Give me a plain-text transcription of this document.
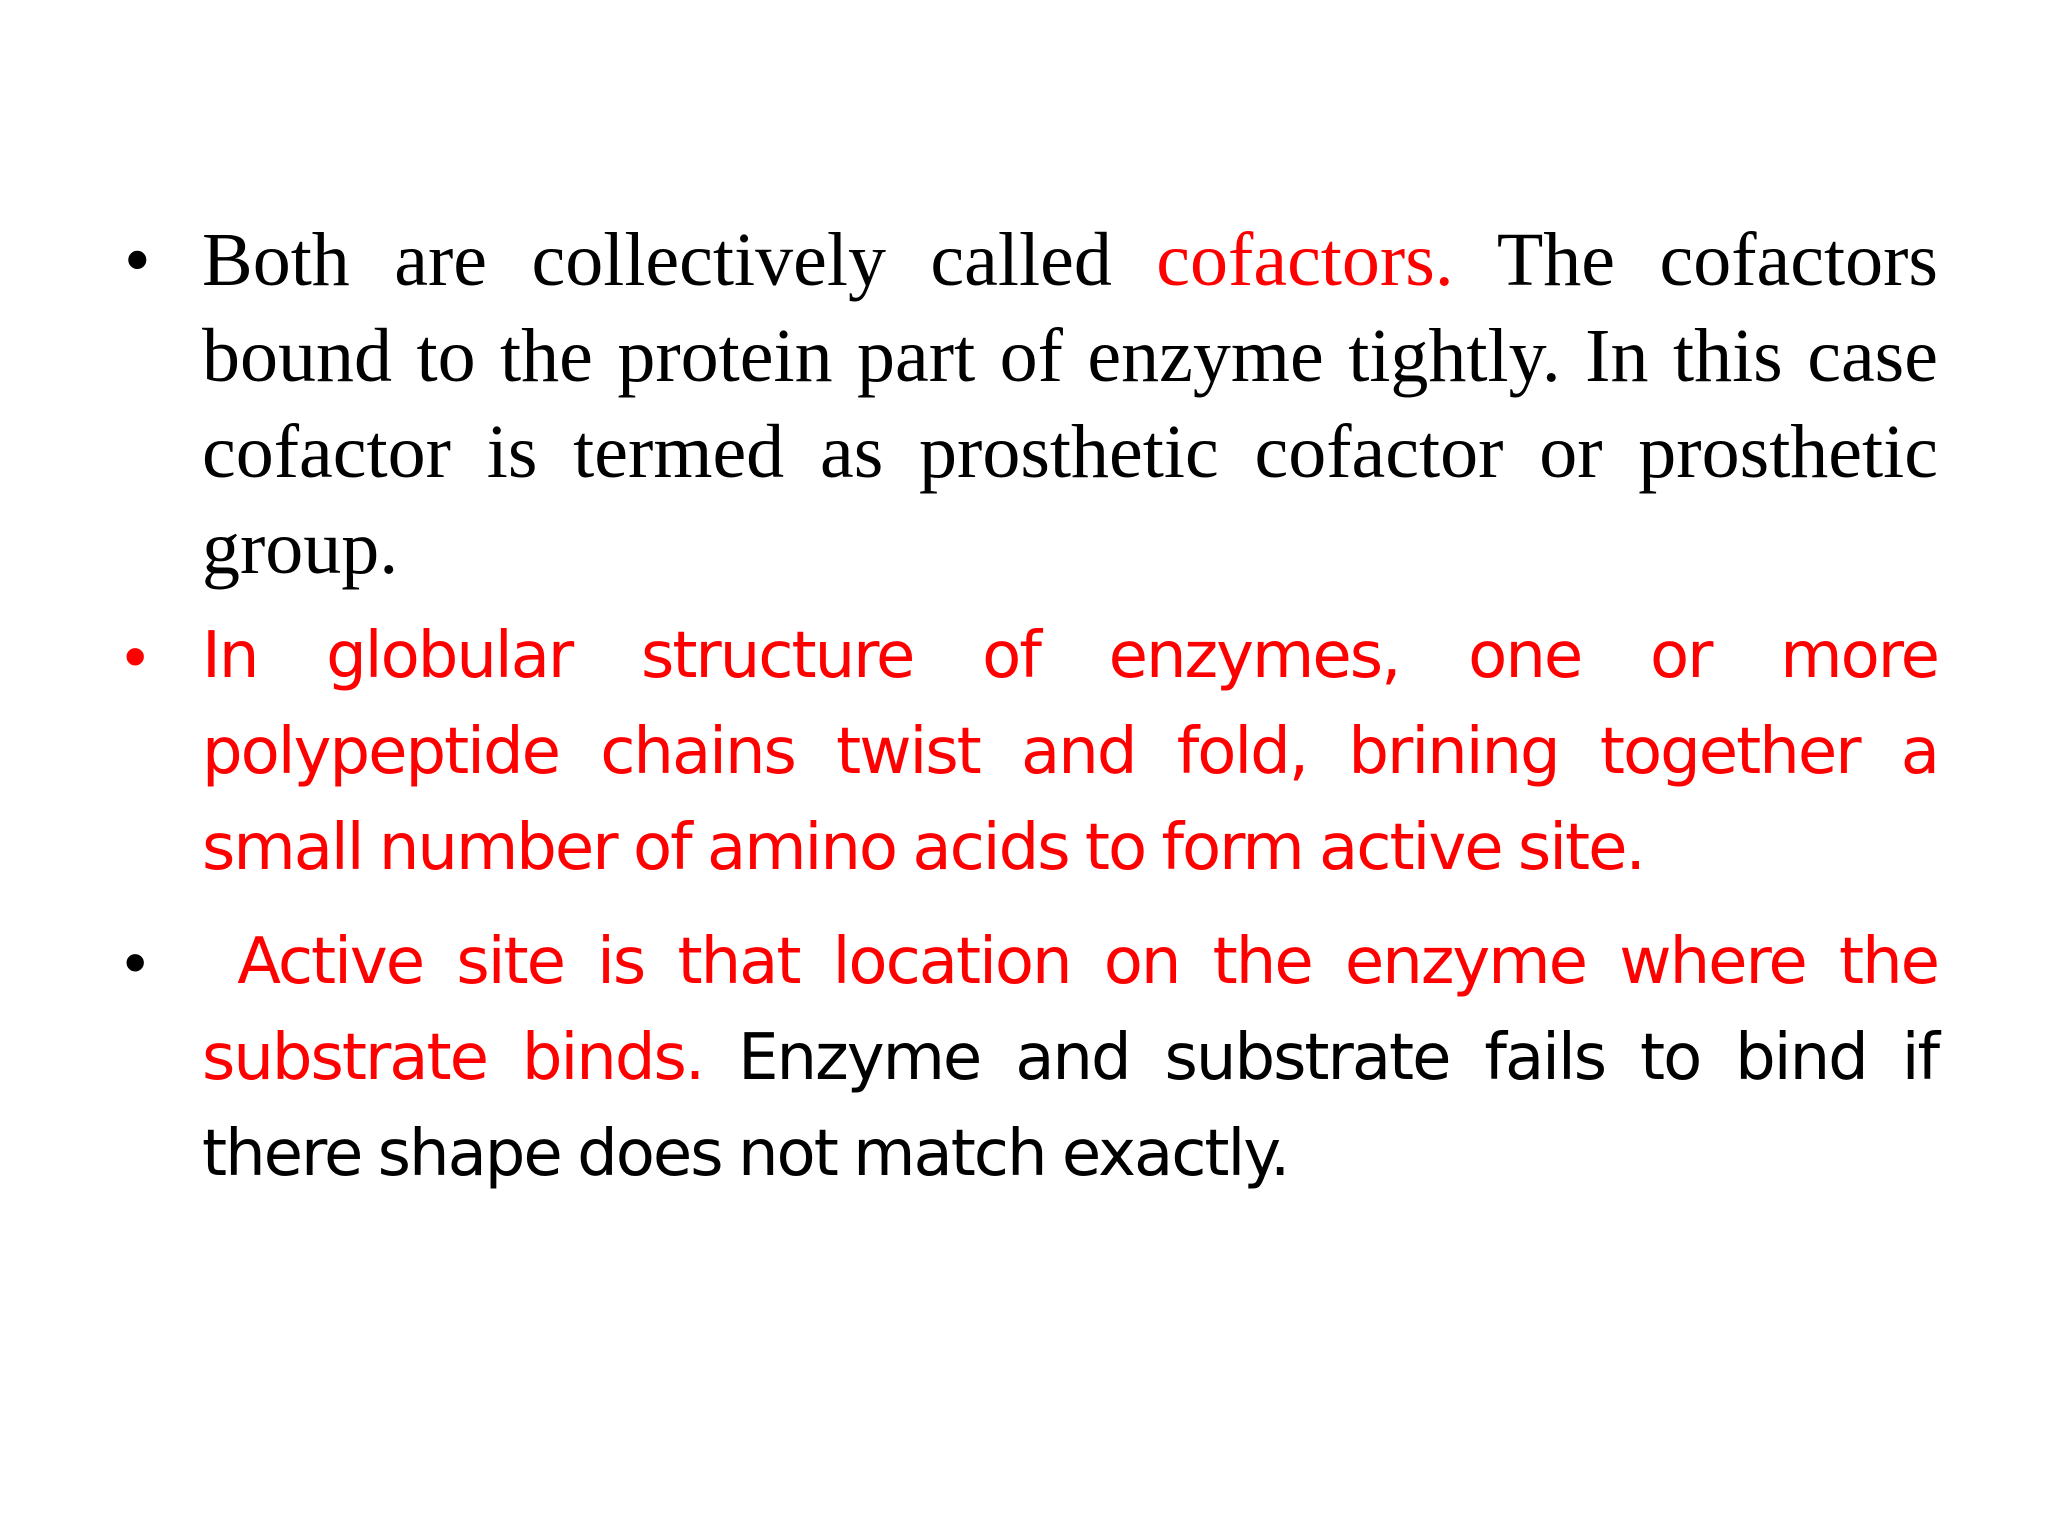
• Both are collectively called cofactors. The cofactors bound to the protein part of enzyme tightly. In this case cofactor is termed as prosthetic cofactor or prosthetic group.
• In globular structure of enzymes, one or more polypeptide chains twist and fold, brining together a small number of amino acids to form active site.
• Active site is that location on the enzyme where the substrate binds. Enzyme and substrate fails to bind if there shape does not match exactly.
